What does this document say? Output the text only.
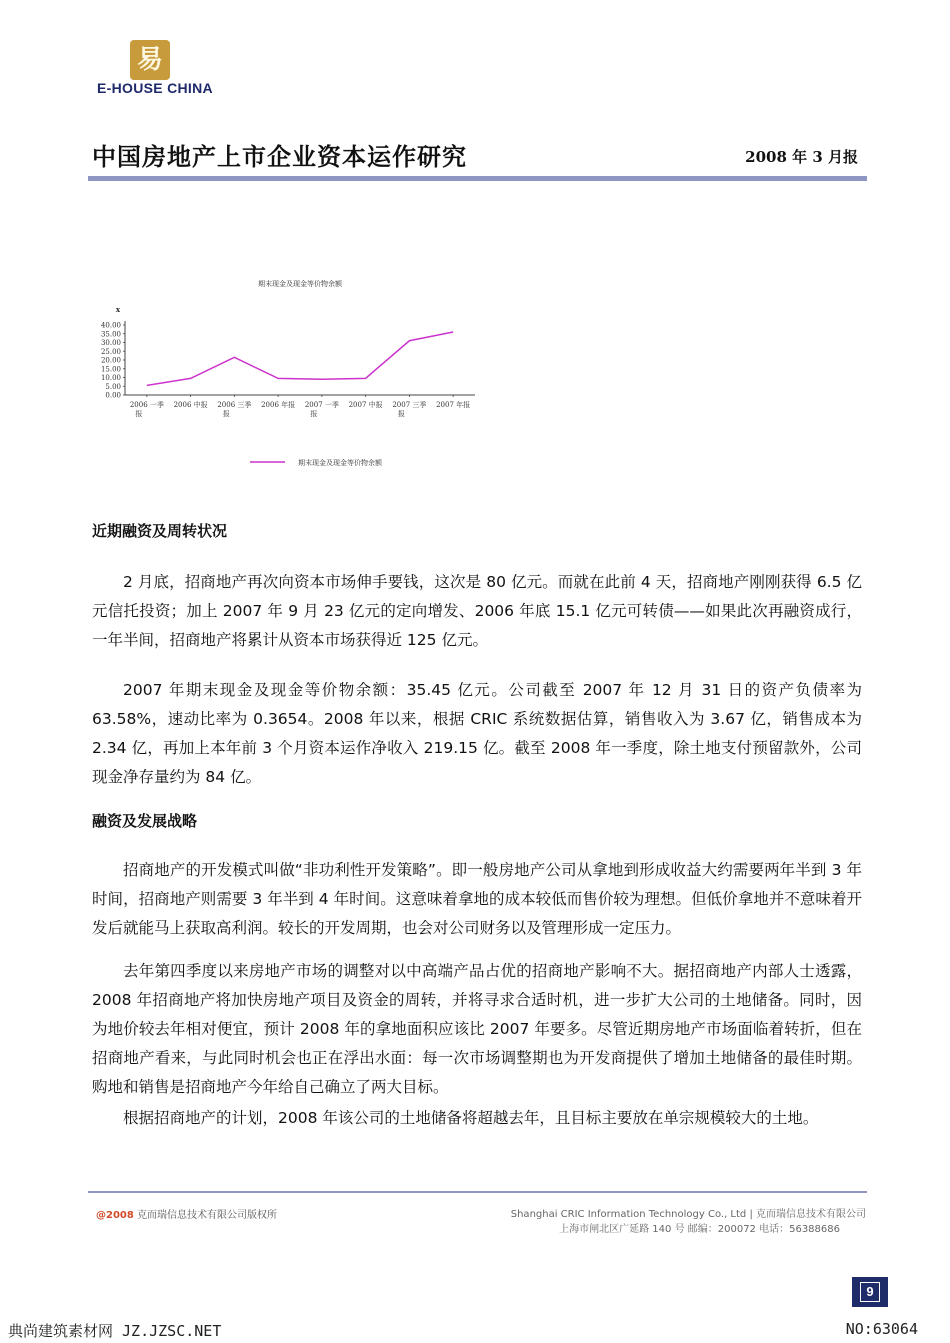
易
E-HOUSE CHINA
中国房地产上市企业资本运作研究	2008 年 3 月报
期末现金及现金等价物余额
x
0.00
5.00
10.00
15.00
20.00
25.00
30.00
35.00
40.00
2006 一季
报
2006 中报 2006 三季
报
2006 年报 2007 一季
报
2007 中报 2007 三季
报
2007 年报
期末现金及现金等价物余额
近期融资及周转状况
2 月底，招商地产再次向资本市场伸手要钱，这次是 80 亿元。而就在此前 4 天，招商地产刚刚获得 6.5 亿元信托投资；加上 2007 年 9 月 23 亿元的定向增发、2006 年底 15.1 亿元可转债——如果此次再融资成行，一年半间，招商地产将累计从资本市场获得近 125 亿元。
2007 年期末现金及现金等价物余额：35.45 亿元。公司截至 2007 年 12 月 31 日的资产负债率为 63.58%，速动比率为 0.3654。2008 年以来，根据 CRIC 系统数据估算，销售收入为 3.67 亿，销售成本为 2.34 亿，再加上本年前 3 个月资本运作净收入 219.15 亿。截至 2008 年一季度，除土地支付预留款外，公司现金净存量约为 84 亿。
融资及发展战略
招商地产的开发模式叫做“非功利性开发策略”。即一般房地产公司从拿地到形成收益大约需要两年半到 3 年时间，招商地产则需要 3 年半到 4 年时间。这意味着拿地的成本较低而售价较为理想。但低价拿地并不意味着开发后就能马上获取高利润。较长的开发周期，也会对公司财务以及管理形成一定压力。
去年第四季度以来房地产市场的调整对以中高端产品占优的招商地产影响不大。据招商地产内部人士透露，2008 年招商地产将加快房地产项目及资金的周转，并将寻求合适时机，进一步扩大公司的土地储备。同时，因为地价较去年相对便宜，预计 2008 年的拿地面积应该比 2007 年要多。尽管近期房地产市场面临着转折，但在招商地产看来，与此同时机会也正在浮出水面：每一次市场调整期也为开发商提供了增加土地储备的最佳时期。购地和销售是招商地产今年给自己确立了两大目标。
根据招商地产的计划，2008 年该公司的土地储备将超越去年，且目标主要放在单宗规模较大的土地。
@2008 克而瑞信息技术有限公司版权所	Shanghai CRIC Information Technology Co., Ltd | 克而瑞信息技术有限公司
上海市闸北区广延路 140 号 邮编：200072 电话：56388686
9
典尚建筑素材网 JZ.JZSC.NET	NO:63064
